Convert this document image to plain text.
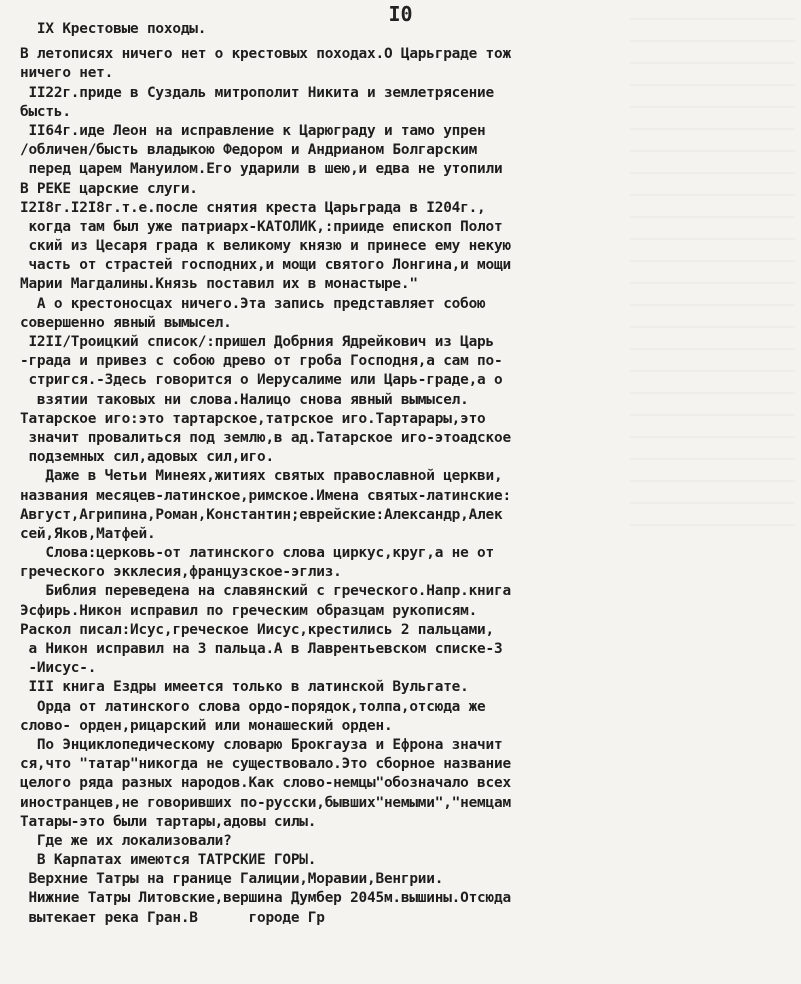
I0
IX Крестовые походы.
В летописях ничего нет о крестовых походах.О Царьграде тож
ничего нет.
II22г.приде в Суздаль митрополит Никита и землетрясение
бысть.
II64г.иде Леон на исправление к Царюграду и тамо упрен
/обличен/бысть владыкою Федором и Андрианом Болгарским
перед царем Мануилом.Его ударили в шею,и едва не утопили
В РЕКЕ царские слуги.
I2I8г.I2I8г.т.е.после снятия креста Царьграда в I204г.,
когда там был уже патриарх-КАТОЛИК,:прииде епископ Полот
ский из Цесаря града к великому князю и принесе ему некую
часть от страстей господних,и мощи святого Лонгина,и мощи
Марии Магдалины.Князь поставил их в монастыре."
А о крестоносцах ничего.Эта запись представляет собою
совершенно явный вымысел.
I2II/Троицкий список/:пришел Добрния Ядрейкович из Царь
-града и привез с собою древо от гроба Господня,а сам по-
стригся.-Здесь говорится о Иерусалиме или Царь-граде,а о
взятии таковых ни слова.Налицо снова явный вымысел.
Татарское иго:это тартарское,татрское иго.Тартарары,это
значит провалиться под землю,в ад.Татарское иго-этоадское
подземных сил,адовых сил,иго.
Даже в Четьи Минеях,житиях святых православной церкви,
названия месяцев-латинское,римское.Имена святых-латинские:
Август,Агрипина,Роман,Константин;еврейские:Александр,Алек
сей,Яков,Матфей.
Слова:церковь-от латинского слова циркус,круг,а не от
греческого экклесия,французское-эглиз.
Библия переведена на славянский с греческого.Напр.книга
Эсфирь.Никон исправил по греческим образцам рукописям.
Раскол писал:Исус,греческое Иисус,крестились 2 пальцами,
а Никон исправил на 3 пальца.А в Лаврентьевском списке-3
-Иисус-.
III книга Ездры имеется только в латинской Вульгате.
Орда от латинского слова ордо-порядок,толпа,отсюда же
слово- орден,рицарский или монашеский орден.
По Энциклопедическому словарю Брокгауза и Ефрона значит
ся,что "татар"никогда не существовало.Это сборное название
целого ряда разных народов.Как слово-немцы"обозначало всех
иностранцев,не говоривших по-русски,бывших"немыми","немцам
Татары-это были тартары,адовы силы.
Где же их локализовали?
В Карпатах имеются ТАТРСКИЕ ГОРЫ.
Верхние Татры на границе Галиции,Моравии,Венгрии.
Нижние Татры Литовские,вершина Думбер 2045м.вышины.Отсюда
вытекает река Гран.В      городе Гр
